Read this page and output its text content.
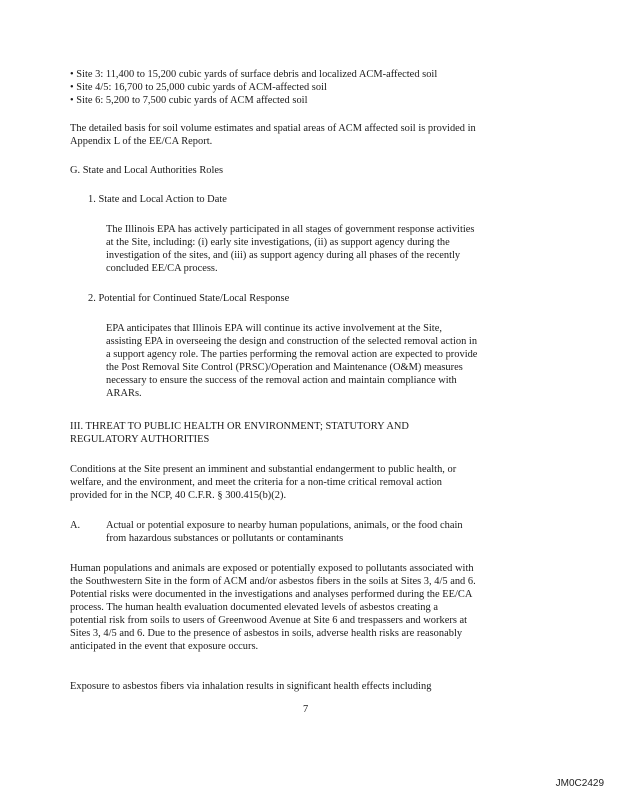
• Site 3: 11,400 to 15,200 cubic yards of surface debris and localized ACM-affected soil
• Site 4/5: 16,700 to 25,000 cubic yards of ACM-affected soil
• Site 6: 5,200 to 7,500 cubic yards of ACM affected soil
The detailed basis for soil volume estimates and spatial areas of ACM affected soil is provided in
Appendix L of the EE/CA Report.
G. State and Local Authorities Roles
1. State and Local Action to Date
The Illinois EPA has actively participated in all stages of government response activities
at the Site, including: (i) early site investigations, (ii) as support agency during the
investigation of the sites, and (iii) as support agency during all phases of the recently
concluded EE/CA process.
2. Potential for Continued State/Local Response
EPA anticipates that Illinois EPA will continue its active involvement at the Site,
assisting EPA in overseeing the design and construction of the selected removal action in
a support agency role. The parties performing the removal action are expected to provide
the Post Removal Site Control (PRSC)/Operation and Maintenance (O&M) measures
necessary to ensure the success of the removal action and maintain compliance with
ARARs.
III. THREAT TO PUBLIC HEALTH OR ENVIRONMENT; STATUTORY AND
REGULATORY AUTHORITIES
Conditions at the Site present an imminent and substantial endangerment to public health, or
welfare, and the environment, and meet the criteria for a non-time critical removal action
provided for in the NCP, 40 C.F.R. § 300.415(b)(2).
A. Actual or potential exposure to nearby human populations, animals, or the food chain
from hazardous substances or pollutants or contaminants
Human populations and animals are exposed or potentially exposed to pollutants associated with
the Southwestern Site in the form of ACM and/or asbestos fibers in the soils at Sites 3, 4/5 and 6.
Potential risks were documented in the investigations and analyses performed during the EE/CA
process. The human health evaluation documented elevated levels of asbestos creating a
potential risk from soils to users of Greenwood Avenue at Site 6 and trespassers and workers at
Sites 3, 4/5 and 6. Due to the presence of asbestos in soils, adverse health risks are reasonably
anticipated in the event that exposure occurs.
Exposure to asbestos fibers via inhalation results in significant health effects including
7
JM0C2429
